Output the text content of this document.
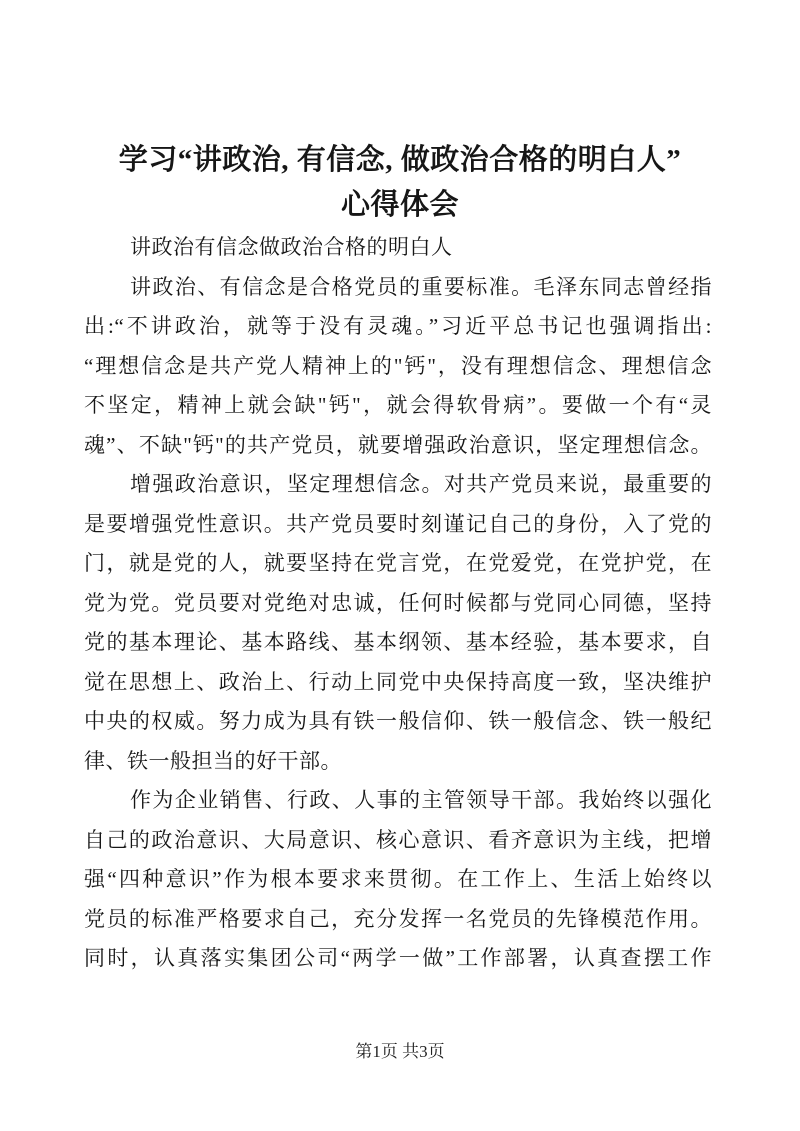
学习“讲政治, 有信念, 做政治合格的明白人”
心得体会
讲政治有信念做政治合格的明白人
讲政治、有信念是合格党员的重要标准。毛泽东同志曾经指
出:“不讲政治，就等于没有灵魂。”习近平总书记也强调指出:
“理想信念是共产党人精神上的"钙"，没有理想信念、理想信念
不坚定，精神上就会缺"钙"，就会得软骨病”。要做一个有“灵
魂”、不缺"钙"的共产党员，就要增强政治意识，坚定理想信念。
增强政治意识，坚定理想信念。对共产党员来说，最重要的
是要增强党性意识。共产党员要时刻谨记自己的身份，入了党的
门，就是党的人，就要坚持在党言党，在党爱党，在党护党，在
党为党。党员要对党绝对忠诚，任何时候都与党同心同德，坚持
党的基本理论、基本路线、基本纲领、基本经验，基本要求，自
觉在思想上、政治上、行动上同党中央保持高度一致，坚决维护
中央的权威。努力成为具有铁一般信仰、铁一般信念、铁一般纪
律、铁一般担当的好干部。
作为企业销售、行政、人事的主管领导干部。我始终以强化
自己的政治意识、大局意识、核心意识、看齐意识为主线，把增
强“四种意识”作为根本要求来贯彻。在工作上、生活上始终以
党员的标准严格要求自己，充分发挥一名党员的先锋模范作用。
同时，认真落实集团公司“两学一做”工作部署，认真查摆工作
第1页 共3页
